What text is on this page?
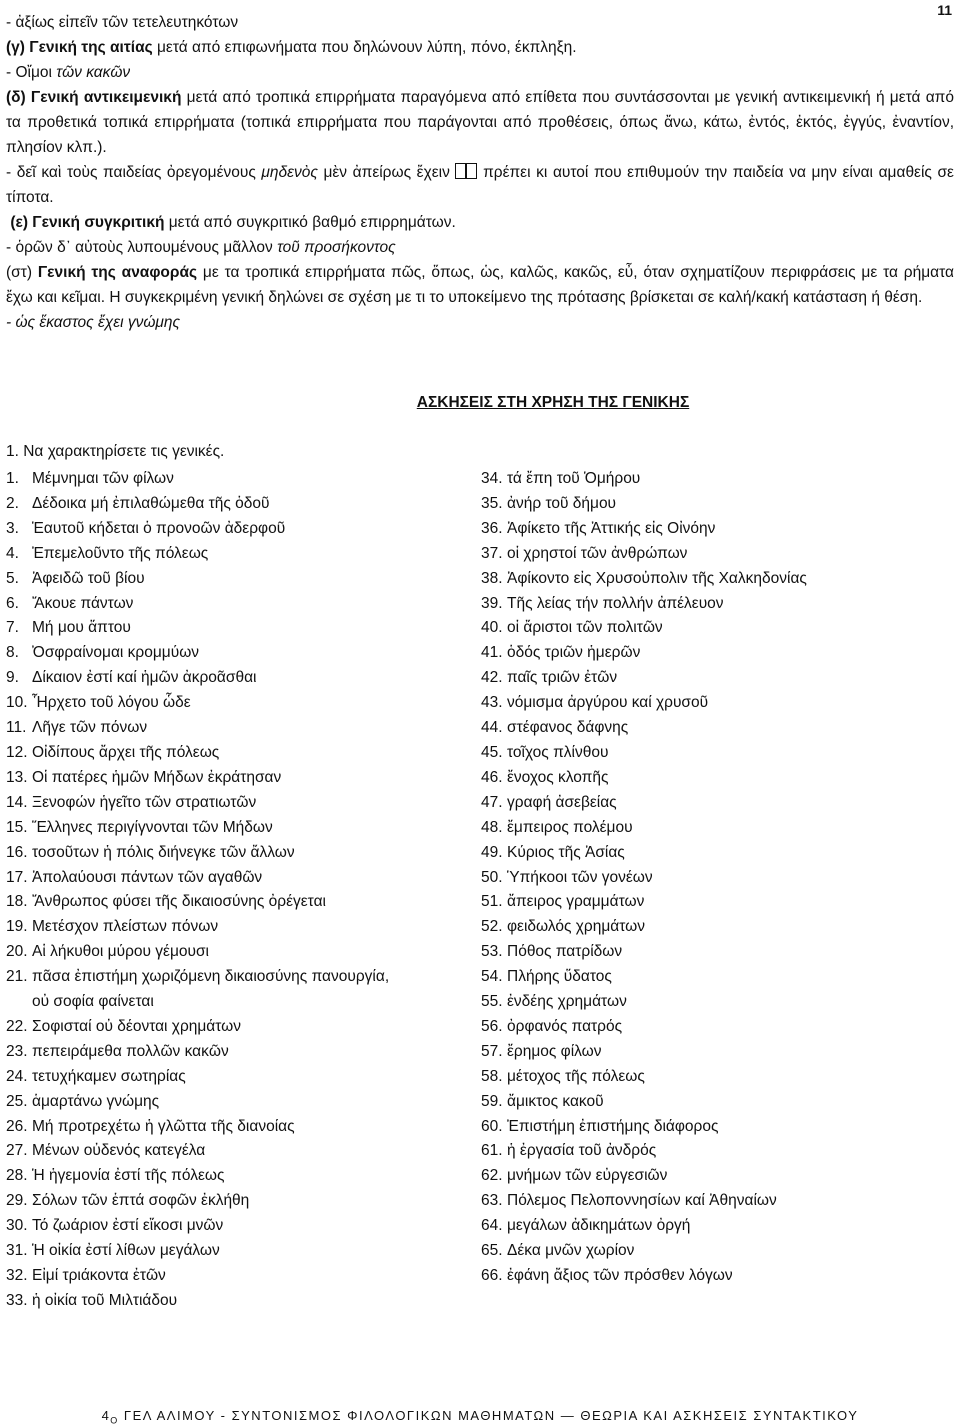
11

- ἀξίως εἰπεῖν τῶν τετελευτηκότων

(γ) Γενική της αιτίας μετά από επιφωνήματα που δηλώνουν λύπη, πόνο, έκπληξη.

- Οἴμοι τῶν κακῶν

(δ) Γενική αντικειμενική μετά από τροπικά επιρρήματα παραγόμενα από επίθετα που συντάσσονται με γενική αντικειμενική ή μετά από τα προθετικά τοπικά επιρρήματα (τοπικά επιρρήματα που παράγονται από προθέσεις, όπως ἄνω, κάτω, ἐντός, ἐκτός, ἐγγύς, ἐναντίον, πλησίον κλπ.).

- δεῖ καὶ τοὺς παιδείας ὀρεγομένους μηδενὸς μὲν ἀπείρως ἔχειν  πρέπει κι αυτοί που επιθυμούν την παιδεία να μην είναι αμαθείς σε τίποτα.

(ε) Γενική συγκριτική μετά από συγκριτικό βαθμό επιρρημάτων.

- ὁρῶν δ᾽ αὐτοὺς λυπουμένους μᾶλλον τοῦ προσήκοντος

(στ) Γενική της αναφοράς με τα τροπικά επιρρήματα πῶς, ὅπως, ὡς, καλῶς, κακῶς, εὖ, όταν σχηματίζουν περιφράσεις με τα ρήματα ἔχω και κεῖμαι. Η συγκεκριμένη γενική δηλώνει σε σχέση με τι το υποκείμενο της πρότασης βρίσκεται σε καλή/κακή κατάσταση ή θέση.

- ὡς ἕκαστος ἔχει γνώμης

ΑΣΚΗΣΕΙΣ ΣΤΗ ΧΡΗΣΗ ΤΗΣ ΓΕΝΙΚΗΣ
1. Να χαρακτηρίσετε τις γενικές.
1. Μέμνημαι τῶν φίλων
2. Δέδοικα μή ἐπιλαθώμεθα τῆς ὁδοῦ
3. Ἑαυτοῦ κήδεται ὁ προνοῶν ἀδερφοῦ
4. Ἐπεμελοῦντο τῆς πόλεως
5. Ἀφειδῶ τοῦ βίου
6. Ἄκουε πάντων
7. Μή μου ἅπτου
8. Ὀσφραίνομαι κρομμύων
9. Δίκαιον ἐστί καί ἡμῶν ἀκροᾶσθαι
10. Ἧρχετο τοῦ λόγου ὧδε
11. Λῆγε τῶν πόνων
12. Οἰδίπους ἄρχει τῆς πόλεως
13. Οἱ πατέρες ἡμῶν Μήδων ἐκράτησαν
14. Ξενοφών ἡγεῖτο τῶν στρατιωτῶν
15. Ἕλληνες περιγίγνονται τῶν Μήδων
16. τοσοῦτων ἡ πόλις διήνεγκε τῶν ἄλλων
17. Ἀπολαύουσι πάντων τῶν αγαθῶν
18. Ἄνθρωπος φύσει τῆς δικαιοσύνης ὀρέγεται
19. Μετέσχον πλείστων πόνων
20. Αἱ λήκυθοι μύρου γέμουσι
21. πᾶσα ἐπιστήμη χωριζόμενη δικαιοσύνης πανουργία,
οὐ σοφία φαίνεται
22. Σοφισταί οὐ δέονται χρημάτων
23. πεπειράμεθα πολλῶν κακῶν
24. τετυχήκαμεν σωτηρίας
25. ἁμαρτάνω γνώμης
26. Μή προτρεχέτω ἡ γλῶττα τῆς διανοίας
27. Μένων οὐδενός κατεγέλα
28. Ἡ ἡγεμονία ἐστί τῆς πόλεως
29. Σόλων τῶν ἑπτά σοφῶν ἐκλήθη
30. Τό ζωάριον ἐστί εἴκοσι μνῶν
31. Ἡ οἰκία ἐστί λίθων μεγάλων
32. Εἰμί τριάκοντα ἐτῶν
33. ἡ οἰκία τοῦ Μιλτιάδου
34. τά ἔπη τοῦ Ὁμήρου
35. ἀνήρ τοῦ δήμου
36. Ἀφίκετο τῆς Ἀττικής εἰς Οἰνόην
37. οἱ χρηστοί τῶν ἀνθρώπων
38. Ἀφίκοντο εἰς Χρυσοὐπολιν τῆς Χαλκηδονίας
39. Τῆς λείας τήν πολλήν ἀπέλευον
40. οἱ ἄριστοι τῶν πολιτῶν
41. ὁδός τριῶν ἡμερῶν
42. παῖς τριῶν ἐτῶν
43. νόμισμα ἀργύρου καί χρυσοῦ
44. στέφανος δάφνης
45. τοῖχος πλίνθου
46. ἔνοχος κλοπῆς
47. γραφή ἀσεβείας
48. ἔμπειρος πολέμου
49. Κύριος τῆς Ἀσίας
50. Ὑπήκοοι τῶν γονέων
51. ἄπειρος γραμμάτων
52. φειδωλός χρημάτων
53. Πόθος πατρίδων
54. Πλήρης ὕδατος
55. ἐνδέης χρημάτων
56. ὀρφανός πατρός
57. ἔρημος φίλων
58. μέτοχος τῆς πόλεως
59. ἄμικτος κακοῦ
60. Ἐπιστήμη ἐπιστήμης διάφορος
61. ἡ ἐργασία τοῦ ἀνδρός
62. μνήμων τῶν εὐργεσιῶν
63. Πόλεμος Πελοποννησίων καί Ἀθηναίων
64. μεγάλων ἀδικημάτων ὀργή
65. Δέκα μνῶν χωρίον
66. ἐφάνη ἄξιος τῶν πρόσθεν λόγων
$4_O$ ΓΕΛ ΑΛΙΜΟΥ - ΣΥΝΤΟΝΙΣΜΟΣ ΦΙΛΟΛΟΓΙΚΩΝ ΜΑΘΗΜΑΤΩΝ — ΘΕΩΡΙΑ ΚΑΙ ΑΣΚΗΣΕΙΣ ΣΥΝΤΑΚΤΙΚΟΥ
